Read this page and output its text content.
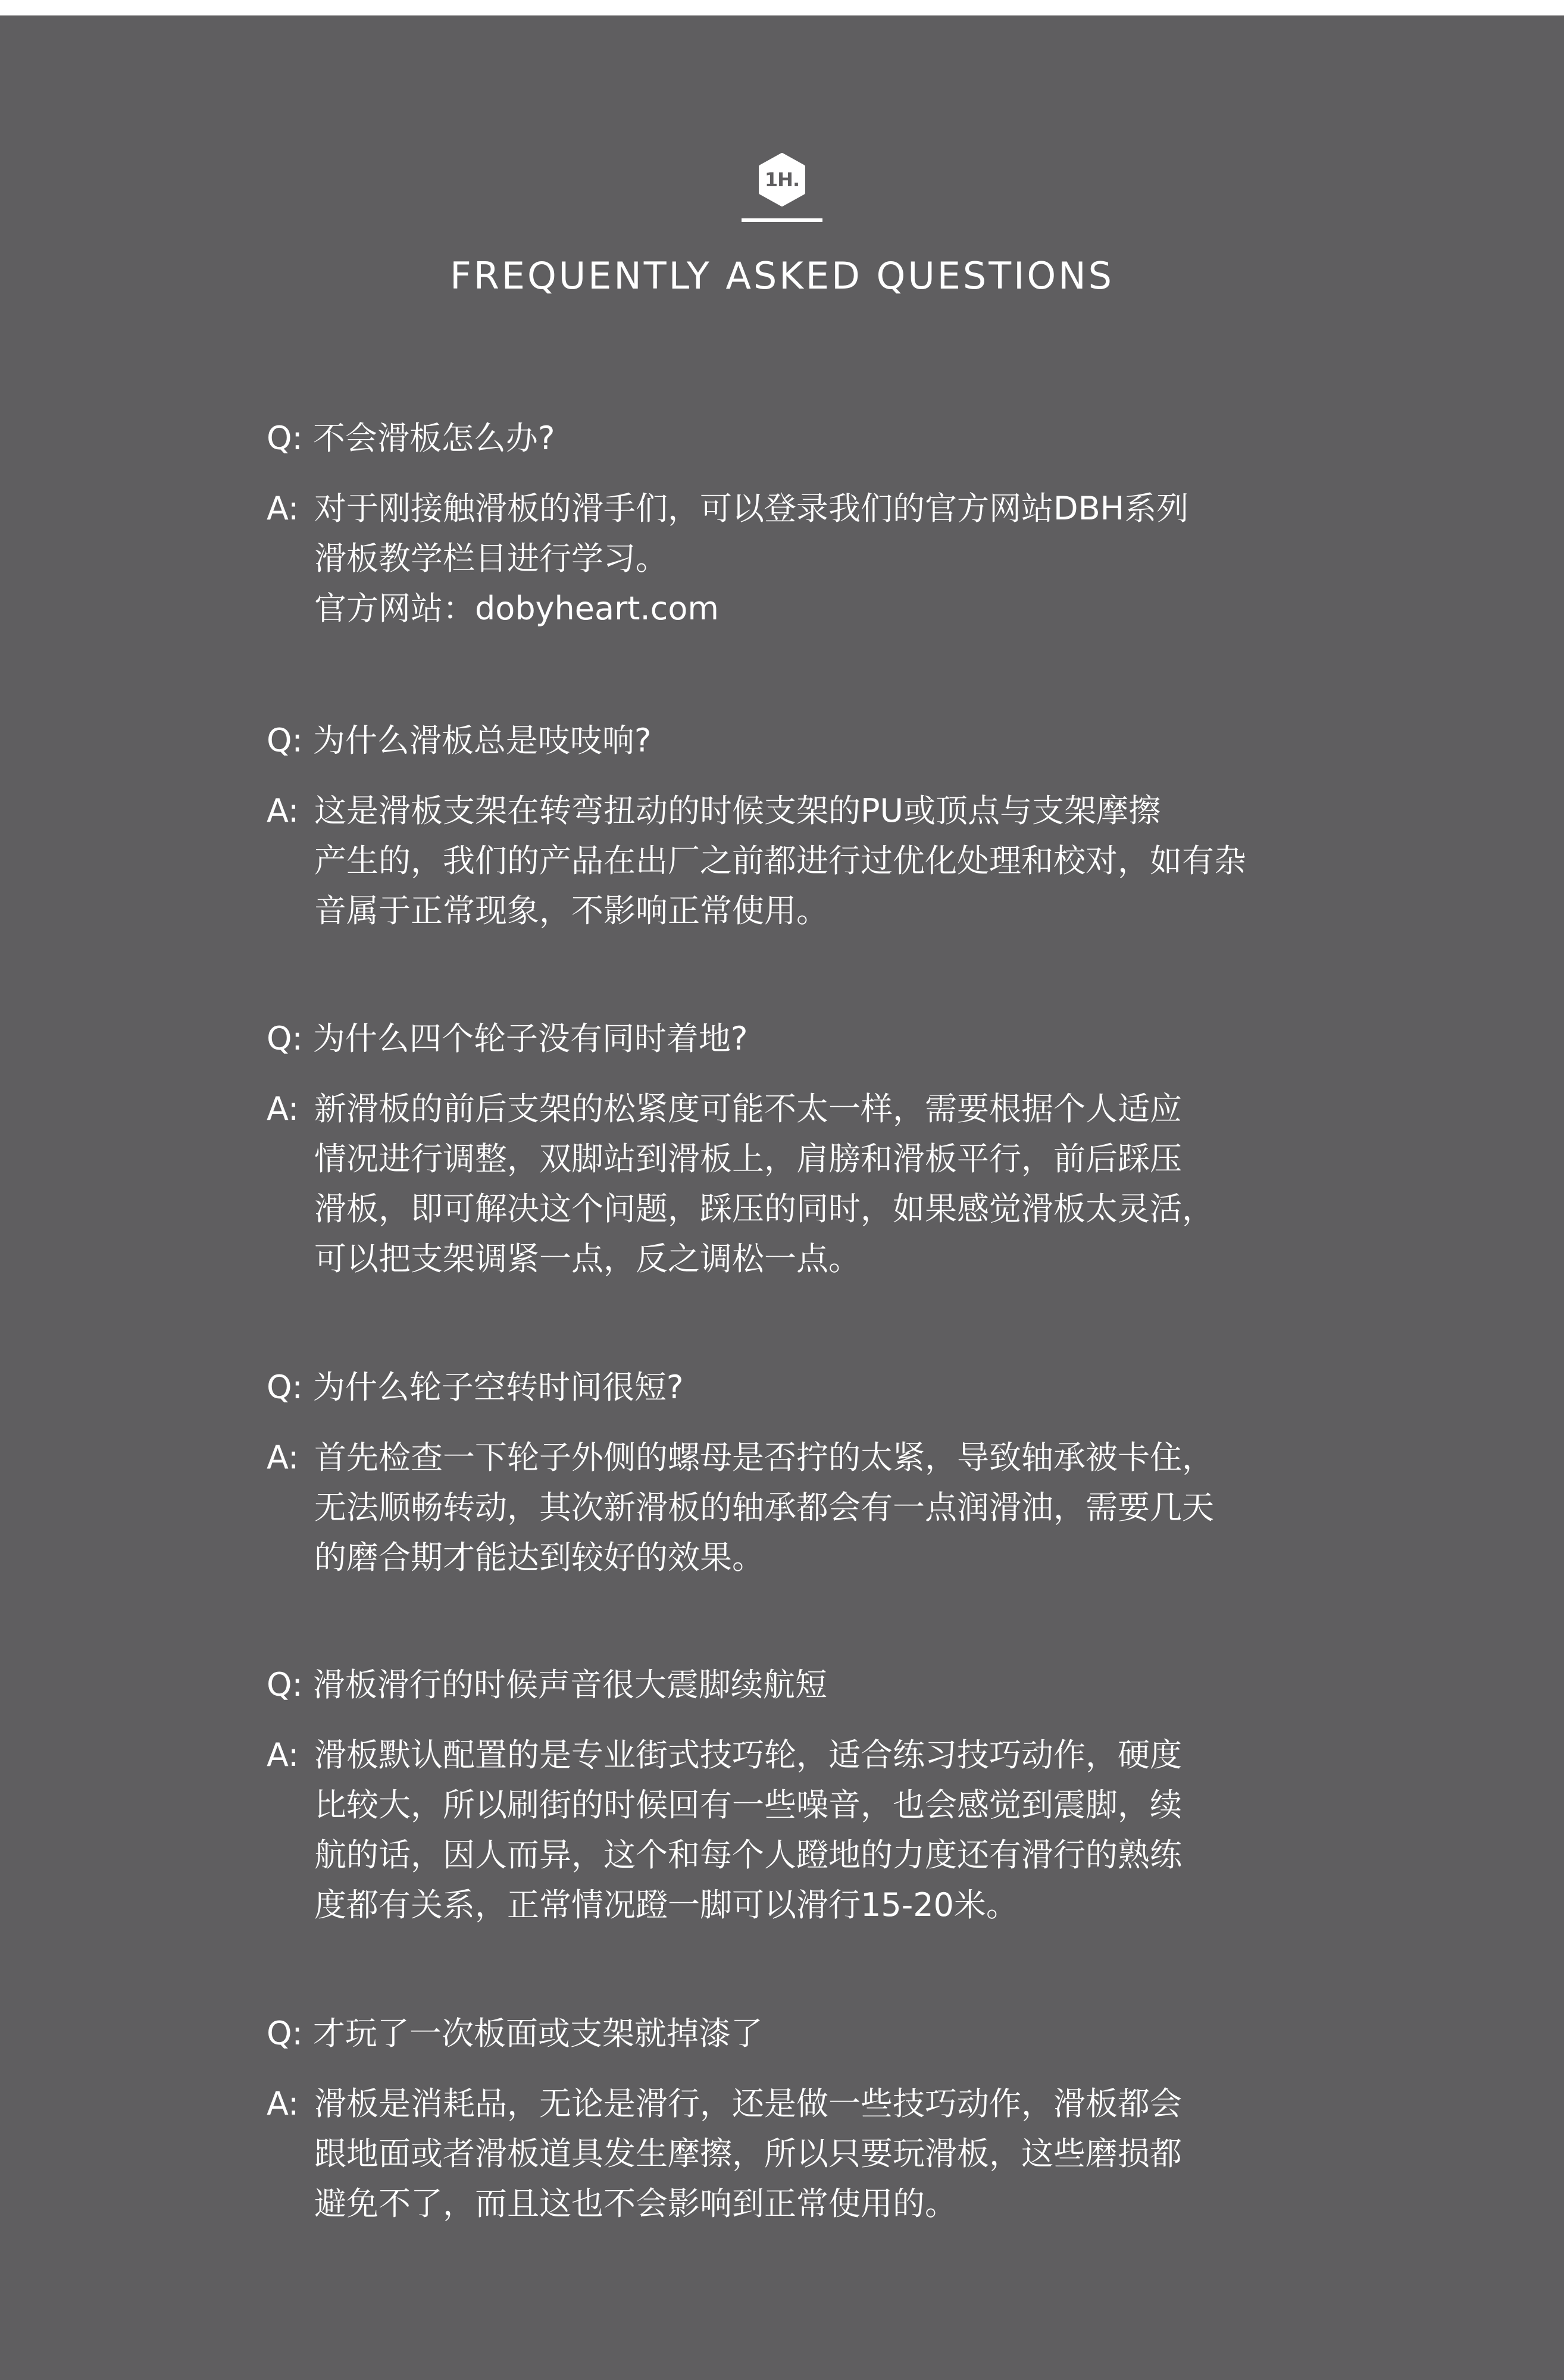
1H.
FREQUENTLY ASKED QUESTIONS
Q: 不会滑板怎么办?
A: 对于刚接触滑板的滑手们，可以登录我们的官方网站DBH系列
滑板教学栏目进行学习。
官方网站：dobyheart.com
Q: 为什么滑板总是吱吱响?
A: 这是滑板支架在转弯扭动的时候支架的PU或顶点与支架摩擦
产生的，我们的产品在出厂之前都进行过优化处理和校对，如有杂
音属于正常现象，不影响正常使用。
Q: 为什么四个轮子没有同时着地?
A: 新滑板的前后支架的松紧度可能不太一样，需要根据个人适应
情况进行调整，双脚站到滑板上，肩膀和滑板平行，前后踩压
滑板，即可解决这个问题，踩压的同时，如果感觉滑板太灵活，
可以把支架调紧一点，反之调松一点。
Q: 为什么轮子空转时间很短?
A: 首先检查一下轮子外侧的螺母是否拧的太紧，导致轴承被卡住，
无法顺畅转动，其次新滑板的轴承都会有一点润滑油，需要几天
的磨合期才能达到较好的效果。
Q: 滑板滑行的时候声音很大震脚续航短
A: 滑板默认配置的是专业街式技巧轮，适合练习技巧动作，硬度
比较大，所以刷街的时候回有一些噪音，也会感觉到震脚，续
航的话，因人而异，这个和每个人蹬地的力度还有滑行的熟练
度都有关系，正常情况蹬一脚可以滑行15-20米。
Q: 才玩了一次板面或支架就掉漆了
A: 滑板是消耗品，无论是滑行，还是做一些技巧动作，滑板都会
跟地面或者滑板道具发生摩擦，所以只要玩滑板，这些磨损都
避免不了，而且这也不会影响到正常使用的。
